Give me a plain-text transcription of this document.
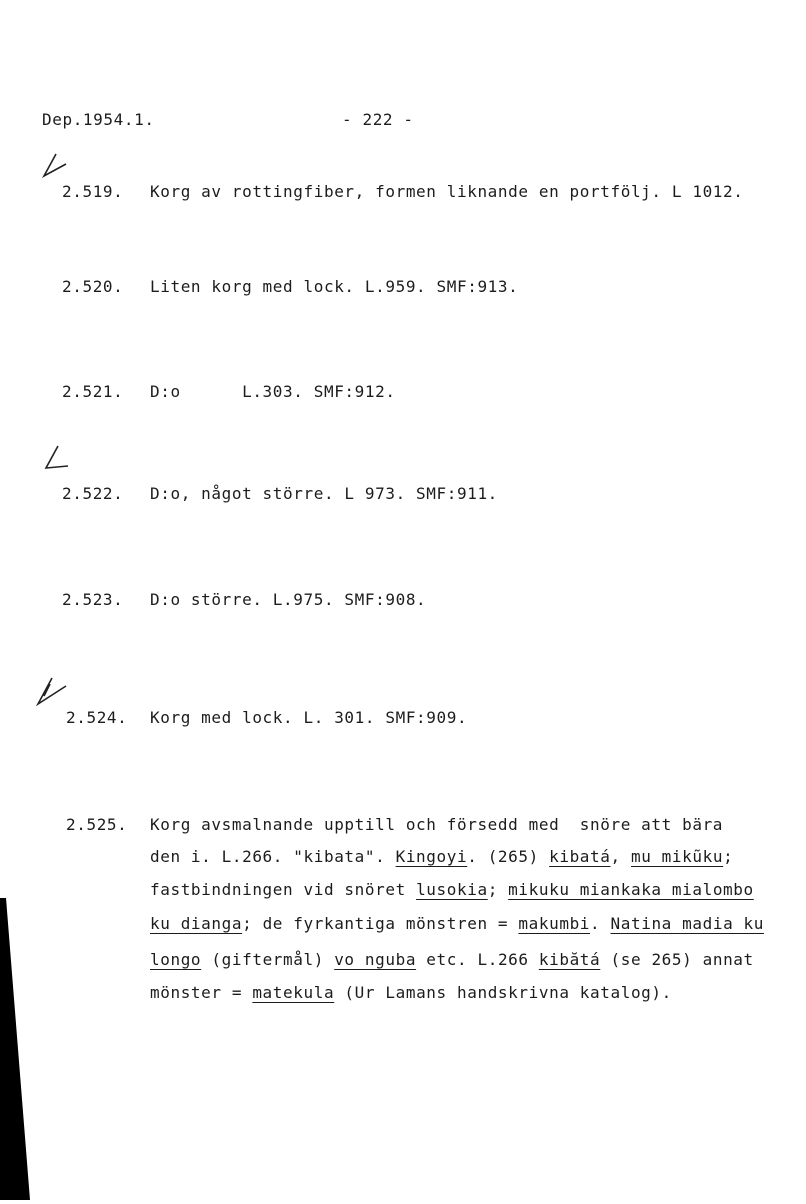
Dep.1954.1.	- 222 -
2.519. Korg av rottingfiber, formen liknande en portfölj. L 1012.
2.520. Liten korg med lock. L.959. SMF:913.
2.521. D:o      L.303. SMF:912.
2.522. D:o, något större. L 973. SMF:911.
2.523. D:o större. L.975. SMF:908.
2.524. Korg med lock. L. 301. SMF:909.
2.525. Korg avsmalnande upptill och försedd med  snöre att bära
den i. L.266. "kibata". Kingoyi. (265) kibatá, mu mikũku;
fastbindningen vid snöret lusokia; mikuku miankaka mialombo
ku dianga; de fyrkantiga mönstren = makumbi. Natina madia ku
longo (giftermål) vo nguba etc. L.266 kibătá (se 265) annat
mönster = matekula (Ur Lamans handskrivna katalog).
